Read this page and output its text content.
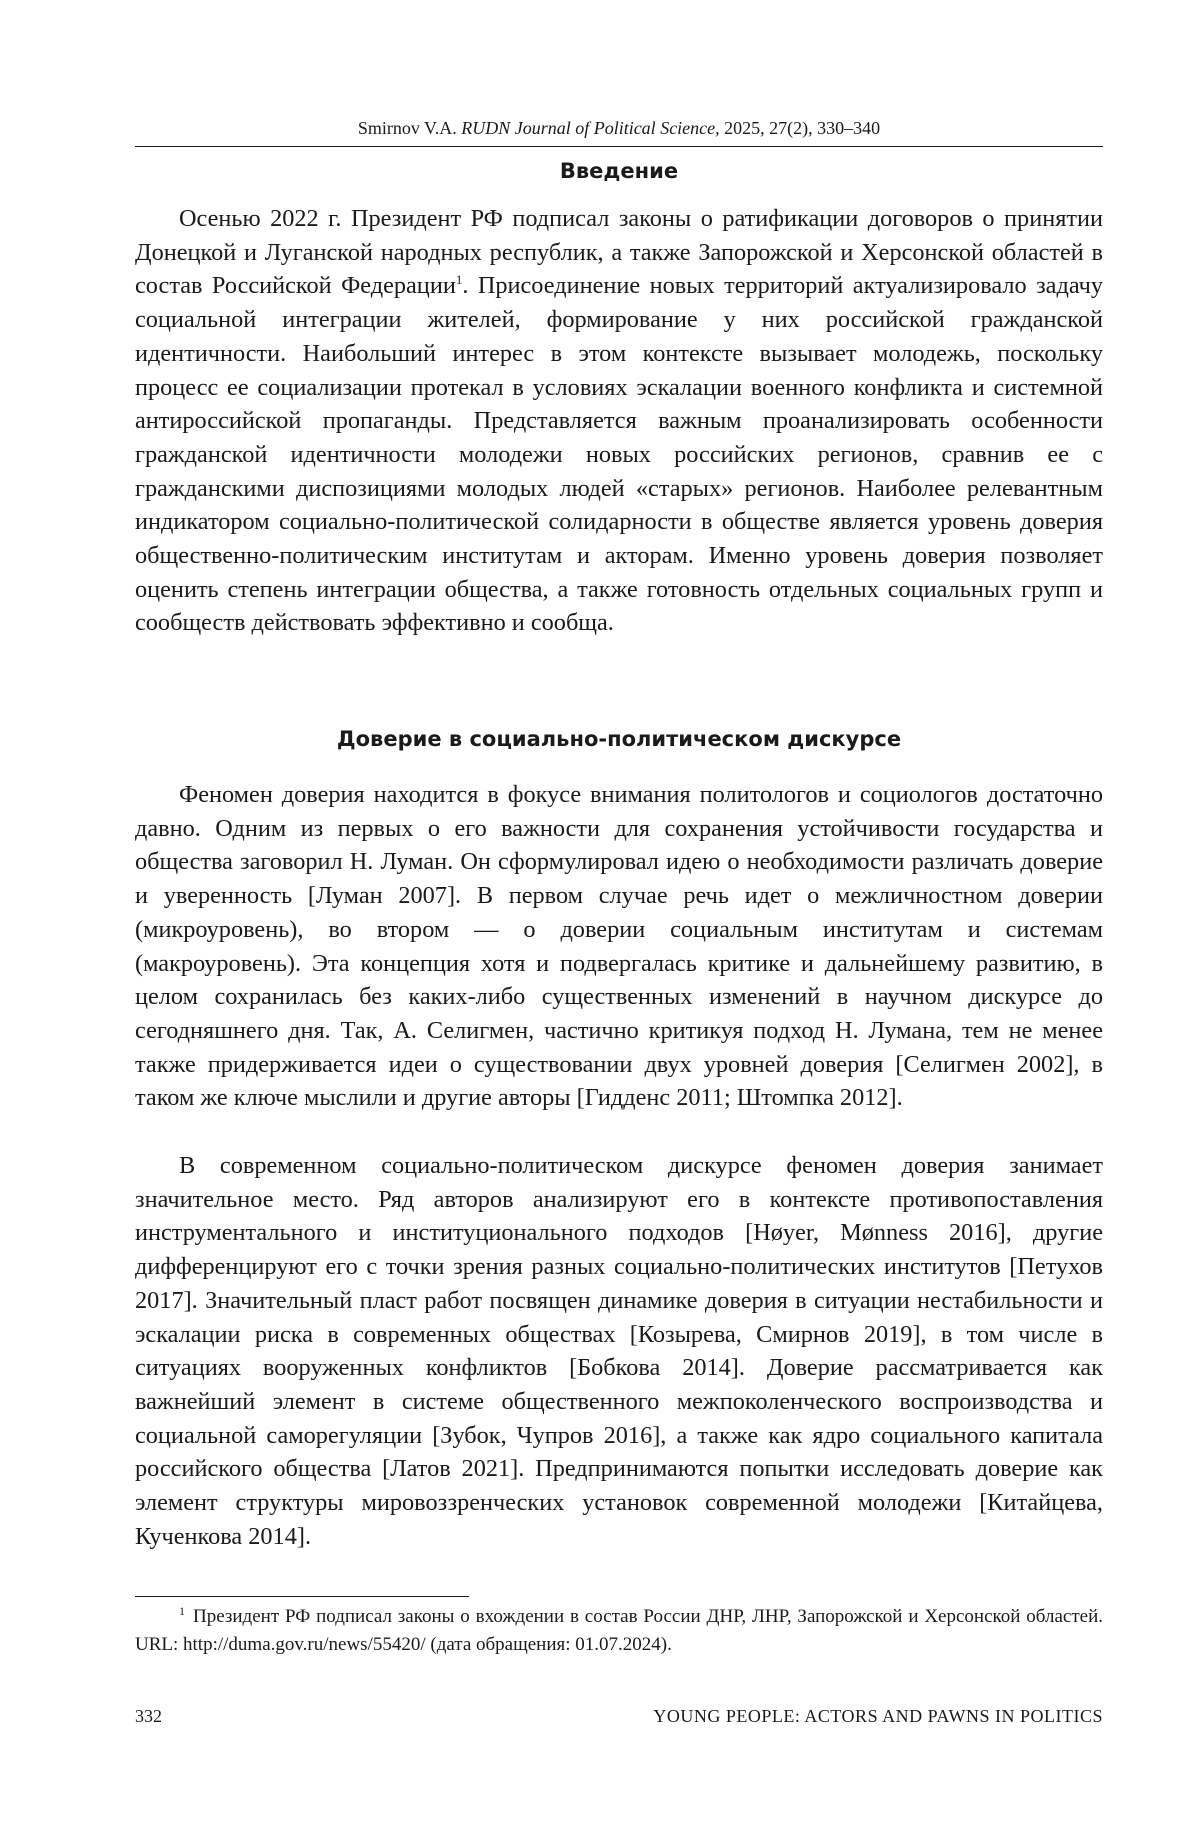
Smirnov V.A. RUDN Journal of Political Science, 2025, 27(2), 330–340
Введение

Осенью 2022 г. Президент РФ подписал законы о ратификации договоров о принятии Донецкой и Луганской народных республик, а также Запорожской и Херсонской областей в состав Российской Федерации$^1$. Присоединение новых территорий актуализировало задачу социальной интеграции жителей, формирование у них российской гражданской идентичности. Наибольший интерес в этом контексте вызывает молодежь, поскольку процесс ее социализации протекал в условиях эскалации военного конфликта и системной антироссийской пропаганды. Представляется важным проанализировать особенности гражданской идентичности молодежи новых российских регионов, сравнив ее с гражданскими диспозициями молодых людей «старых» регионов. Наиболее релевантным индикатором социально-политической солидарности в обществе является уровень доверия общественно-политическим институтам и акторам. Именно уровень доверия позволяет оценить степень интеграции общества, а также готовность отдельных социальных групп и сообществ действовать эффективно и сообща.

Доверие в социально-политическом дискурсе

Феномен доверия находится в фокусе внимания политологов и социологов достаточно давно. Одним из первых о его важности для сохранения устойчивости государства и общества заговорил Н. Луман. Он сформулировал идею о необходимости различать доверие и уверенность [Луман 2007]. В первом случае речь идет о межличностном доверии (микроуровень), во втором — о доверии социальным институтам и системам (макроуровень). Эта концепция хотя и подвергалась критике и дальнейшему развитию, в целом сохранилась без каких-либо существенных изменений в научном дискурсе до сегодняшнего дня. Так, А. Селигмен, частично критикуя подход Н. Лумана, тем не менее также придерживается идеи о существовании двух уровней доверия [Селигмен 2002], в таком же ключе мыслили и другие авторы [Гидденс 2011; Штомпка 2012].

В современном социально-политическом дискурсе феномен доверия занимает значительное место. Ряд авторов анализируют его в контексте противопоставления инструментального и институционального подходов [Høyer, Mønness 2016], другие дифференцируют его с точки зрения разных социально-политических институтов [Петухов 2017]. Значительный пласт работ посвящен динамике доверия в ситуации нестабильности и эскалации риска в современных обществах [Козырева, Смирнов 2019], в том числе в ситуациях вооруженных конфликтов [Бобкова 2014]. Доверие рассматривается как важнейший элемент в системе общественного межпоколенческого воспроизводства и социальной саморегуляции [Зубок, Чупров 2016], а также как ядро социального капитала российского общества [Латов 2021]. Предпринимаются попытки исследовать доверие как элемент структуры мировоззренческих установок современной молодежи [Китайцева, Кученкова 2014].

$^1$ Президент РФ подписал законы о вхождении в состав России ДНР, ЛНР, Запорожской и Херсонской областей. URL: http://duma.gov.ru/news/55420/ (дата обращения: 01.07.2024).

332	YOUNG PEOPLE: ACTORS AND PAWNS IN POLITICS
